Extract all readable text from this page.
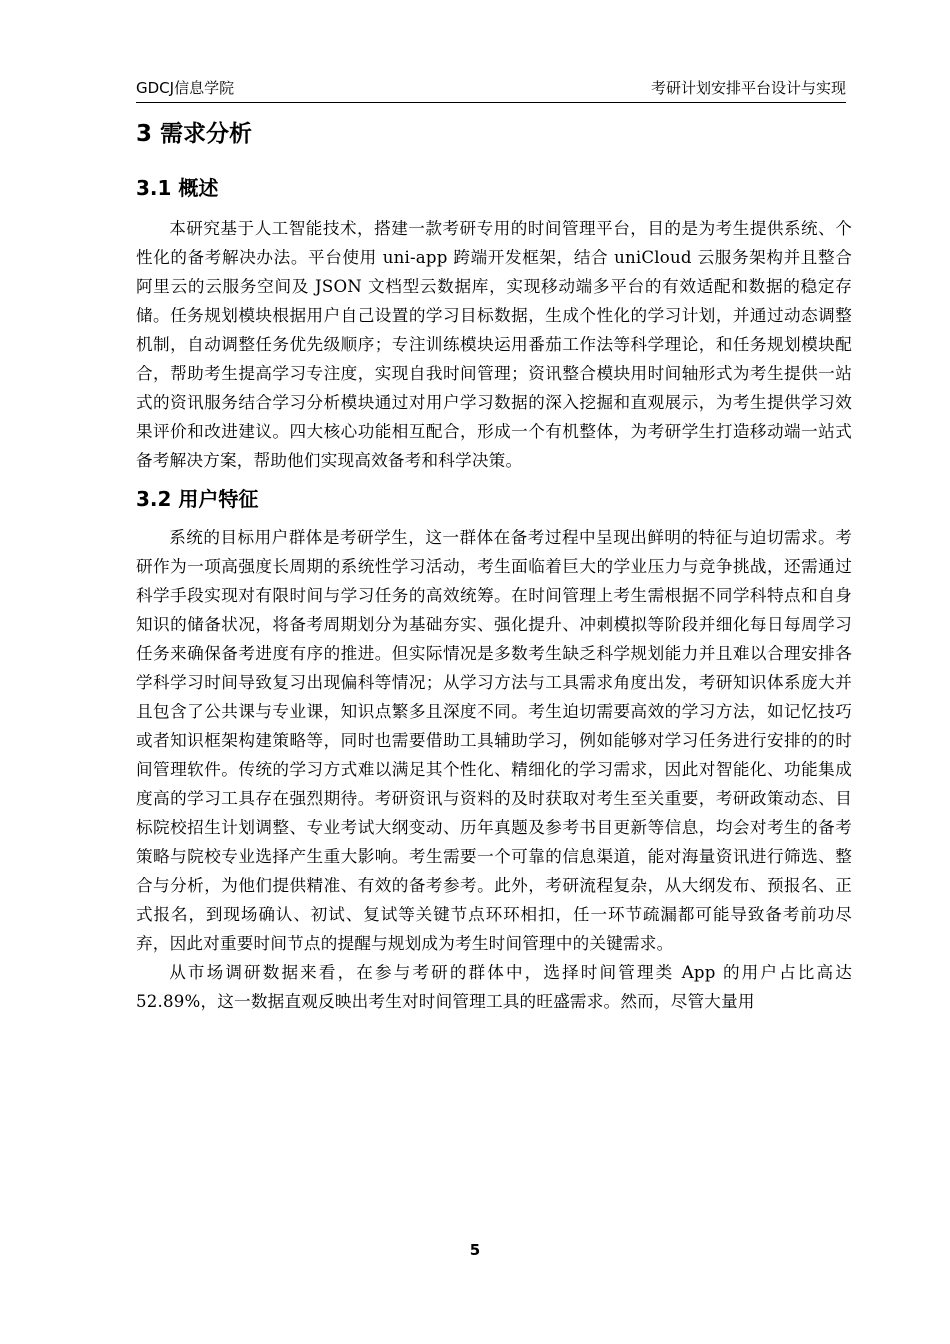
GDCJ信息学院	考研计划安排平台设计与实现
3 需求分析
3.1 概述

本研究基于人工智能技术，搭建一款考研专用的时间管理平台，目的是为考生提供系统、个性化的备考解决办法。平台使用 uni-app 跨端开发框架，结合 uniCloud 云服务架构并且整合阿里云的云服务空间及 JSON 文档型云数据库，实现移动端多平台的有效适配和数据的稳定存储。任务规划模块根据用户自己设置的学习目标数据，生成个性化的学习计划，并通过动态调整机制，自动调整任务优先级顺序；专注训练模块运用番茄工作法等科学理论，和任务规划模块配合，帮助考生提高学习专注度，实现自我时间管理；资讯整合模块用时间轴形式为考生提供一站式的资讯服务结合学习分析模块通过对用户学习数据的深入挖掘和直观展示，为考生提供学习效果评价和改进建议。四大核心功能相互配合，形成一个有机整体，为考研学生打造移动端一站式备考解决方案，帮助他们实现高效备考和科学决策。

3.2 用户特征

系统的目标用户群体是考研学生，这一群体在备考过程中呈现出鲜明的特征与迫切需求。考研作为一项高强度长周期的系统性学习活动，考生面临着巨大的学业压力与竞争挑战，还需通过科学手段实现对有限时间与学习任务的高效统筹。在时间管理上考生需根据不同学科特点和自身知识的储备状况，将备考周期划分为基础夯实、强化提升、冲刺模拟等阶段并细化每日每周学习任务来确保备考进度有序的推进。但实际情况是多数考生缺乏科学规划能力并且难以合理安排各学科学习时间导致复习出现偏科等情况；从学习方法与工具需求角度出发，考研知识体系庞大并且包含了公共课与专业课，知识点繁多且深度不同。考生迫切需要高效的学习方法，如记忆技巧或者知识框架构建策略等，同时也需要借助工具辅助学习，例如能够对学习任务进行安排的的时间管理软件。传统的学习方式难以满足其个性化、精细化的学习需求，因此对智能化、功能集成度高的学习工具存在强烈期待。考研资讯与资料的及时获取对考生至关重要，考研政策动态、目标院校招生计划调整、专业考试大纲变动、历年真题及参考书目更新等信息，均会对考生的备考策略与院校专业选择产生重大影响。考生需要一个可靠的信息渠道，能对海量资讯进行筛选、整合与分析，为他们提供精准、有效的备考参考。此外，考研流程复杂，从大纲发布、预报名、正式报名，到现场确认、初试、复试等关键节点环环相扣，任一环节疏漏都可能导致备考前功尽弃，因此对重要时间节点的提醒与规划成为考生时间管理中的关键需求。

从市场调研数据来看，在参与考研的群体中，选择时间管理类 App 的用户占比高达 52.89%，这一数据直观反映出考生对时间管理工具的旺盛需求。然而，尽管大量用

5
